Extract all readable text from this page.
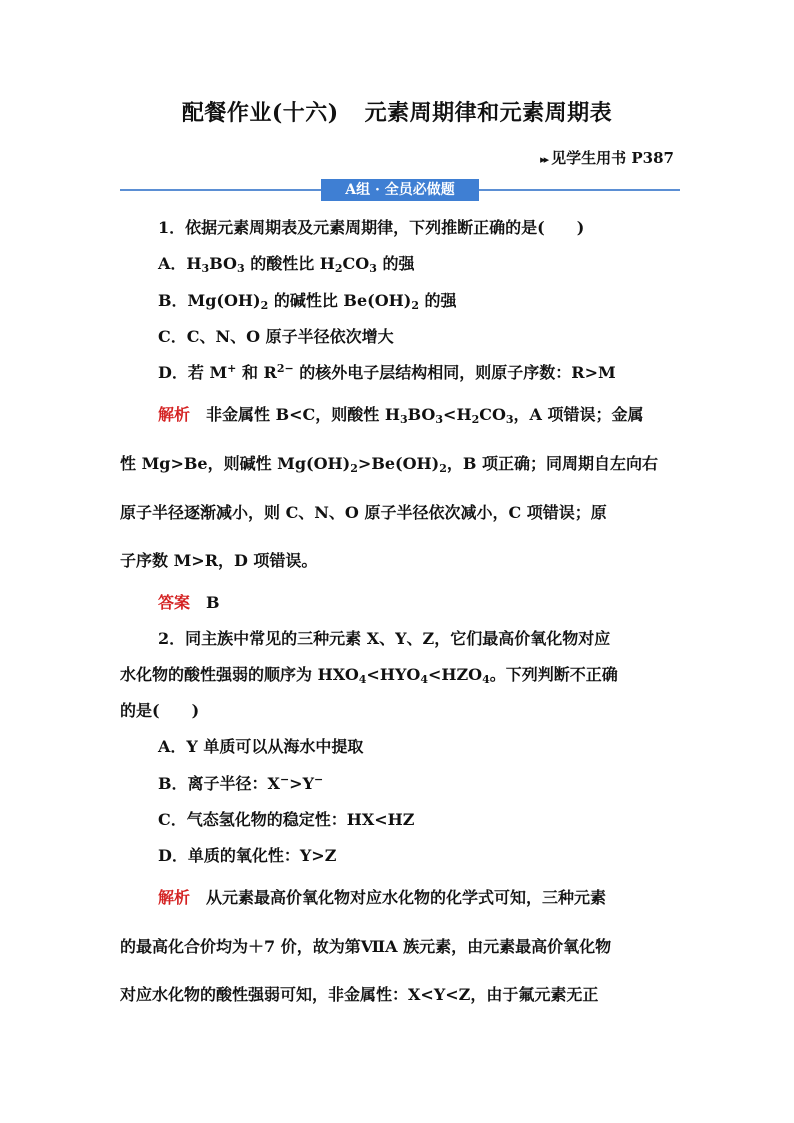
配餐作业(十六) 元素周期律和元素周期表
▸▸ 见学生用书 P387
A组 · 全员必做题
1．依据元素周期表及元素周期律，下列推断正确的是(　　)
A．$H_3BO_3$ 的酸性比 $H_2CO_3$ 的强
B．$Mg(OH)_2$ 的碱性比 $Be(OH)_2$ 的强
C．C、N、O 原子半径依次增大
D．若 M+ 和 $R^{2-}$ 的核外电子层结构相同，则原子序数：R>M
解析　非金属性 B<C，则酸性 $H_3BO_3<H_2CO_3$，A 项错误；金属
性 Mg>Be，则碱性 $Mg(OH)_2>Be(OH)_2$，B 项正确；同周期自左向右
原子半径逐渐减小，则 C、N、O 原子半径依次减小，C 项错误；原
子序数 M>R，D 项错误。
答案　B
2．同主族中常见的三种元素 X、Y、Z，它们最高价氧化物对应
水化物的酸性强弱的顺序为 $HXO_4<HYO_4<HZO_4$。下列判断不正确
的是(　　)
A．Y 单质可以从海水中提取
B．离子半径：X−>Y−
C．气态氢化物的稳定性：HX<HZ
D．单质的氧化性：Y>Z
解析　从元素最高价氧化物对应水化物的化学式可知，三种元素
的最高化合价均为＋7 价，故为第ⅦA 族元素，由元素最高价氧化物
对应水化物的酸性强弱可知，非金属性：X<Y<Z，由于氟元素无正
